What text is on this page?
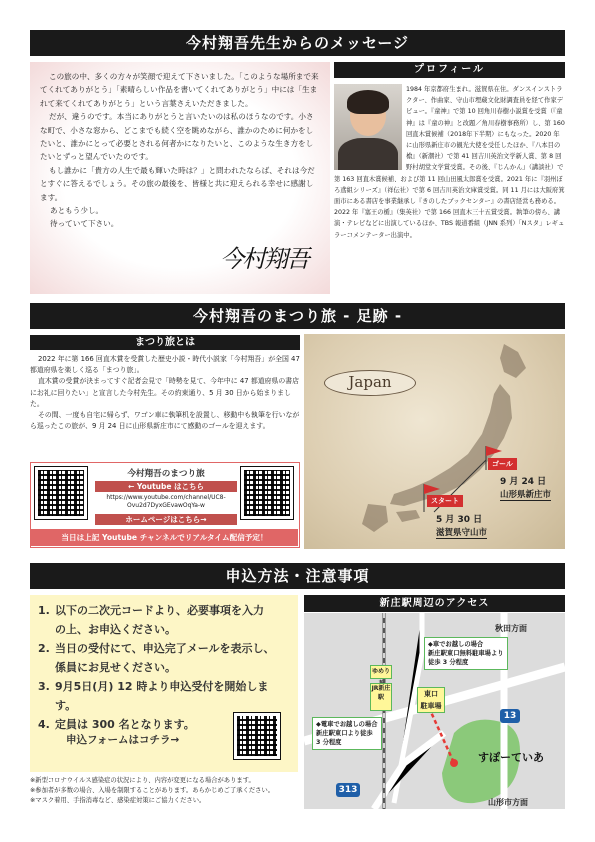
今村翔吾先生からのメッセージ

この旅の中、多くの方々が笑顔で迎えて下さいました。「このような場所まで来てくれてありがとう」「素晴らしい作品を書いてくれてありがとう」中には「生まれて来てくれてありがとう」という言葉さえいただきました。

だが、違うのです。本当にありがとうと言いたいのは私のほうなのです。小さな町で、小さな窓から、どこまでも続く空を眺めながら、誰かのために何かをしたいと、誰かにとって必要とされる何者かになりたいと、このような生き方をしたいとずっと望んでいたのです。

もし誰かに「貴方の人生で最も輝いた時は？」と問われたならば、それは今だとすぐに答えるでしょう。その旅の最後を、皆様と共に迎えられる幸せに感謝します。

あともう少し。

待っていて下さい。

今村翔吾
プロフィール
1984 年京都府生まれ。滋賀県在住。ダンスインストラクター、作曲家、守山市埋蔵文化財調査員を経て作家デビュー。『童神』で第 10 回角川春樹小説賞を受賞（『童神』は『童の神』と改題／角川春樹事務所）し、第 160 回直木賞候補（2018年下半期）にもなった。2020 年に山形県新庄市の観光大使を受任したほか、『八本目の槍』（新潮社）で第 41 回吉川英治文学新人賞、第 8 回野村胡堂文学賞受賞。その後、『じんかん』（講談社）で第 163 回直木賞候補、および第 11 回山田風太郎賞を受賞。2021 年に『羽州ぼろ鳶組シリーズ』（祥伝社）で第 6 回吉川英治文庫賞受賞。同 11 月には大阪府箕面市にある書店を事業継承し『きのしたブックセンター』の書店経営も務める。2022 年『塞王の楯』（集英社）で第 166 回直木三十五賞受賞。執筆の傍ら、講演・テレビなどに出演しているほか、TBS 報道番組（JNN 系列）「Nスタ」レギュラーコメンテーター出演中。
今村翔吾のまつり旅 - 足跡 -
まつり旅とは

2022 年に第 166 回直木賞を受賞した歴史小説・時代小説家「今村翔吾」が全国 47 都道府県を楽しく巡る「まつり旅」。

直木賞の受賞が決まってすぐ記者会見で「時勢を見て、今年中に 47 都道府県の書店にお礼に回りたい」と宣言した今村先生。その約束通り、5 月 30 日から始まりました。

その間、一度も自宅に帰らず、ワゴン車に執筆机を設置し、移動中も執筆を行いながら巡ったこの旅が、9 月 24 日に山形県新庄市にて感動のゴールを迎えます。

今村翔吾のまつり旅
← Youtube はこちら
https://www.youtube.com/channel/UC8-Ovu2d7DyxGEvawOqYa-w
ホームページはこちら→
当日は上記 Youtube チャンネルでリアルタイム配信予定！
Japan
ゴール
9 月 24 日
山形県新庄市
スタート
5 月 30 日
滋賀県守山市
申込方法・注意事項
1. 以下の二次元コードより、必要事項を入力
の上、お申込ください。
2. 当日の受付にて、申込完了メールを表示し、
係員にお見せください。
3. 9月5日(月) 12 時より申込受付を開始しま
す。
4. 定員は 300 名となります。
申込フォームはコチラ→
※新型コロナウイルス感染症の状況により、内容が変更になる場合があります。
※参加者が多数の場合、入場を制限することがあります。あらかじめご了承ください。
※マスク着用、手指消毒など、感染症対策にご協力ください。
新庄駅周辺のアクセス
秋田方面
山形市方面
◆車でお越しの場合
新庄駅東口無料駐車場より
徒歩 3 分程度
◆電車でお越しの場合
新庄駅東口より徒歩
3 分程度
ゆめり
JR新庄駅	東口
駐車場
13
313
すぽーていあ
